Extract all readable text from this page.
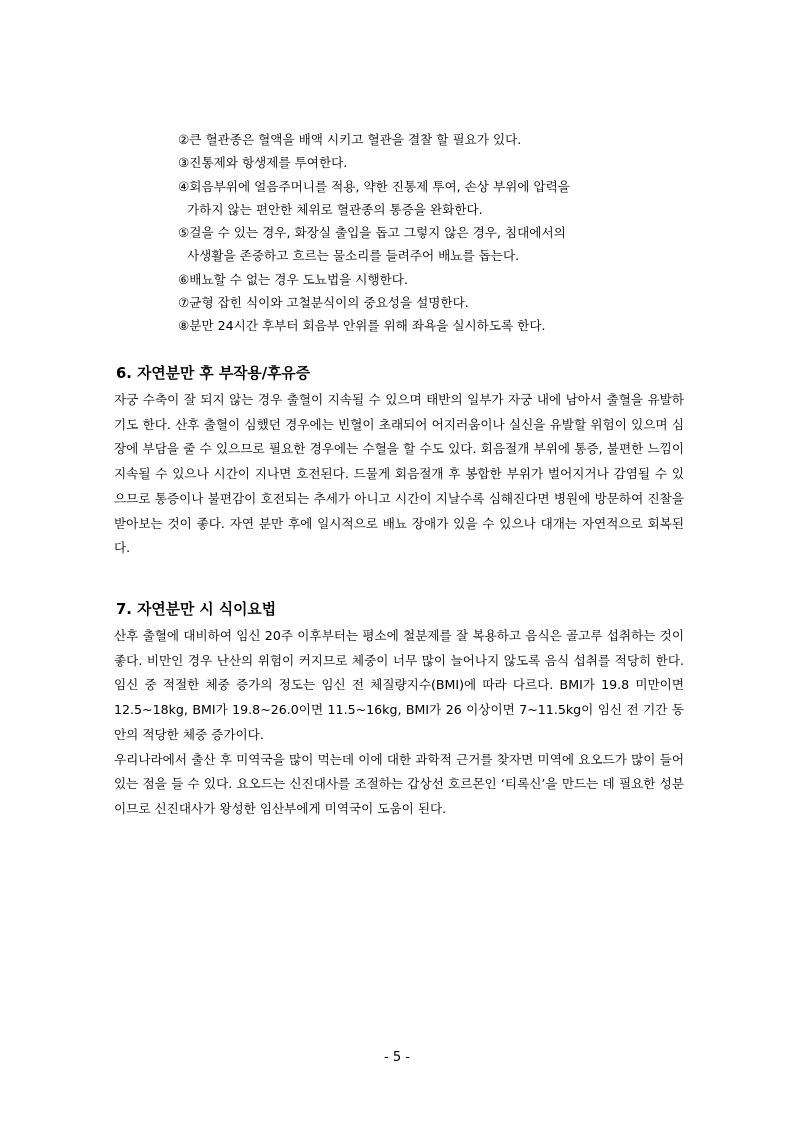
②큰 혈관종은 혈액을 배액 시키고 혈관을 결찰 할 필요가 있다.
③진통제와 항생제를 투여한다.
④회음부위에 얼음주머니를 적용, 약한 진통제 투여, 손상 부위에 압력을
가하지 않는 편안한 체위로 혈관종의 통증을 완화한다.
⑤걸을 수 있는 경우, 화장실 출입을 돕고 그렇지 않은 경우, 침대에서의
사생활을 존중하고 흐르는 물소리를 들려주어 배뇨를 돕는다.
⑥배뇨할 수 없는 경우 도뇨법을 시행한다.
⑦균형 잡힌 식이와 고철분식이의 중요성을 설명한다.
⑧분만 24시간 후부터 회음부 안위를 위해 좌욕을 실시하도록 한다.
6. 자연분만 후 부작용/후유증

자궁 수축이 잘 되지 않는 경우 출혈이 지속될 수 있으며 태반의 일부가 자궁 내에 남아서 출혈을 유발하기도 한다. 산후 출혈이 심했던 경우에는 빈혈이 초래되어 어지러움이나 실신을 유발할 위험이 있으며 심장에 부담을 줄 수 있으므로 필요한 경우에는 수혈을 할 수도 있다. 회음절개 부위에 통증, 불편한 느낌이 지속될 수 있으나 시간이 지나면 호전된다. 드물게 회음절개 후 봉합한 부위가 벌어지거나 감염될 수 있으므로 통증이나 불편감이 호전되는 추세가 아니고 시간이 지날수록 심해진다면 병원에 방문하여 진찰을 받아보는 것이 좋다. 자연 분만 후에 일시적으로 배뇨 장애가 있을 수 있으나 대개는 자연적으로 회복된다.

7. 자연분만 시 식이요법

산후 출혈에 대비하여 임신 20주 이후부터는 평소에 철분제를 잘 복용하고 음식은 골고루 섭취하는 것이 좋다. 비만인 경우 난산의 위험이 커지므로 체중이 너무 많이 늘어나지 않도록 음식 섭취를 적당히 한다. 임신 중 적절한 체중 증가의 정도는 임신 전 체질량지수(BMI)에 따라 다르다. BMI가 19.8 미만이면 12.5~18kg, BMI가 19.8~26.0이면 11.5~16kg, BMI가 26 이상이면 7~11.5kg이 임신 전 기간 동안의 적당한 체중 증가이다.

우리나라에서 출산 후 미역국을 많이 먹는데 이에 대한 과학적 근거를 찾자면 미역에 요오드가 많이 들어 있는 점을 들 수 있다. 요오드는 신진대사를 조절하는 갑상선 호르몬인 ‘티록신’을 만드는 데 필요한 성분이므로 신진대사가 왕성한 임산부에게 미역국이 도움이 된다.

- 5 -
